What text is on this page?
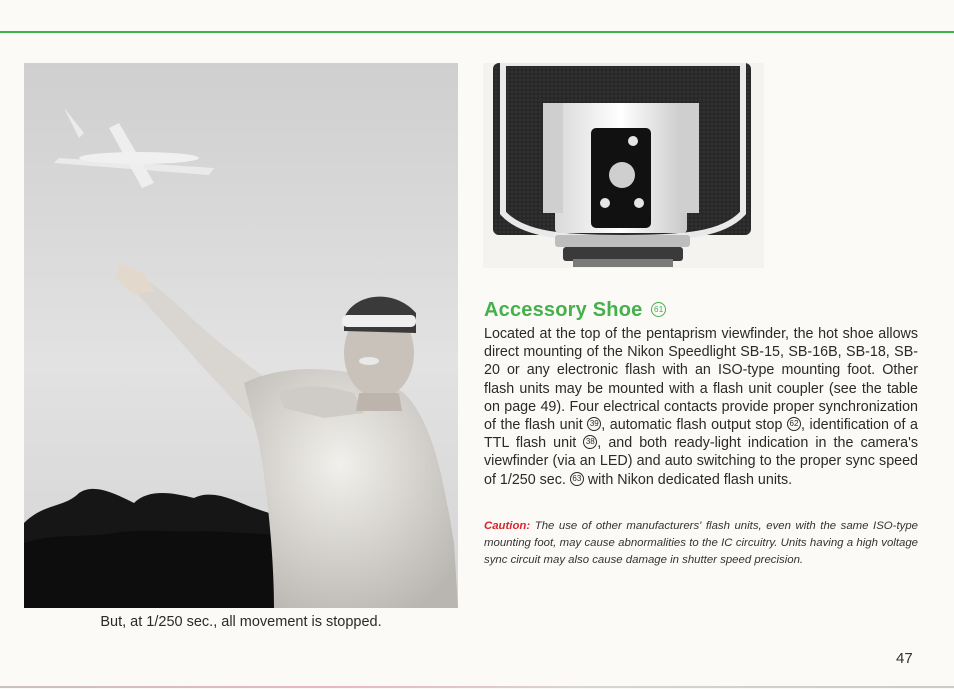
But, at 1/250 sec., all movement is stopped.
Accessory Shoe 61

Located at the top of the pentaprism viewfinder, the hot shoe allows direct mounting of the Nikon Speedlight SB-15, SB-16B, SB-18, SB-20 or any electronic flash with an ISO-type mounting foot. Other flash units may be mounted with a flash unit coupler (see the table on page 49). Four electrical contacts provide proper synchronization of the flash unit 39 , automatic flash output stop 62 , identification of a TTL flash unit 38 , and both ready-light indication in the camera's viewfinder (via an LED) and auto switching to the proper sync speed of 1/250 sec. 63 with Nikon dedicated flash units.

Caution: The use of other manufacturers' flash units, even with the same ISO-type mounting foot, may cause abnormalities to the IC circuitry. Units having a high voltage sync circuit may also cause damage in shutter speed precision.

47
